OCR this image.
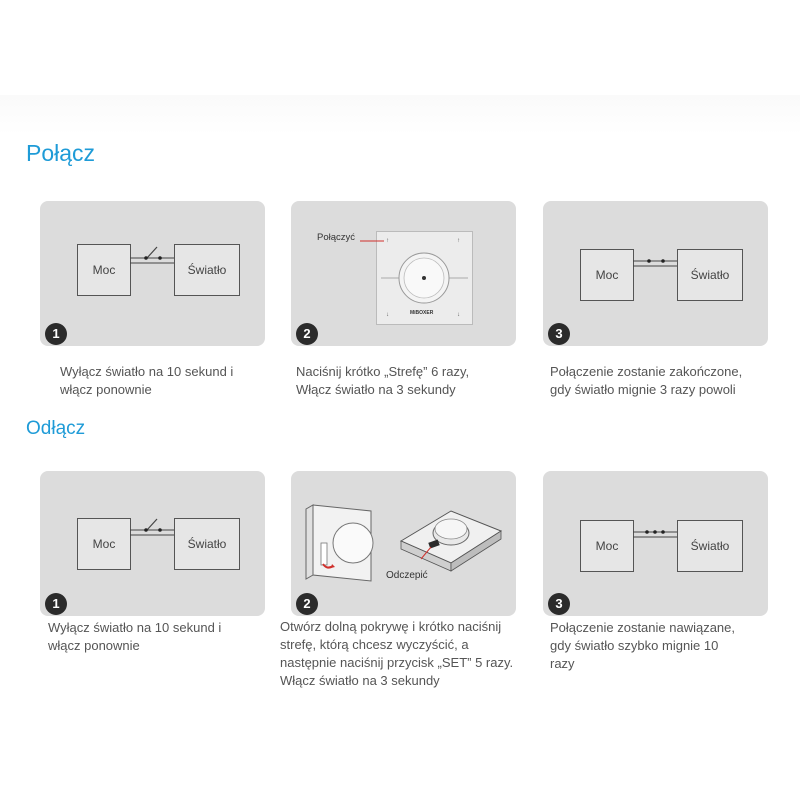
Połącz
Moc	Światło
1
Wyłącz światło na 10 sekund i
włącz ponownie
↑	↑
↓	↓
MiBOXER
Połączyć
2
Naciśnij krótko „Strefę” 6 razy,
Włącz światło na 3 sekundy
Moc	Światło
3
Połączenie zostanie zakończone,
gdy światło mignie 3 razy powoli
Odłącz
Moc	Światło
1
Wyłącz światło na 10 sekund i
włącz ponownie
Odczepić
2
Otwórz dolną pokrywę i krótko naciśnij
strefę, którą chcesz wyczyścić, a
następnie naciśnij przycisk „SET” 5 razy.
Włącz światło na 3 sekundy
Moc	Światło
3
Połączenie zostanie nawiązane,
gdy światło szybko mignie 10
razy
